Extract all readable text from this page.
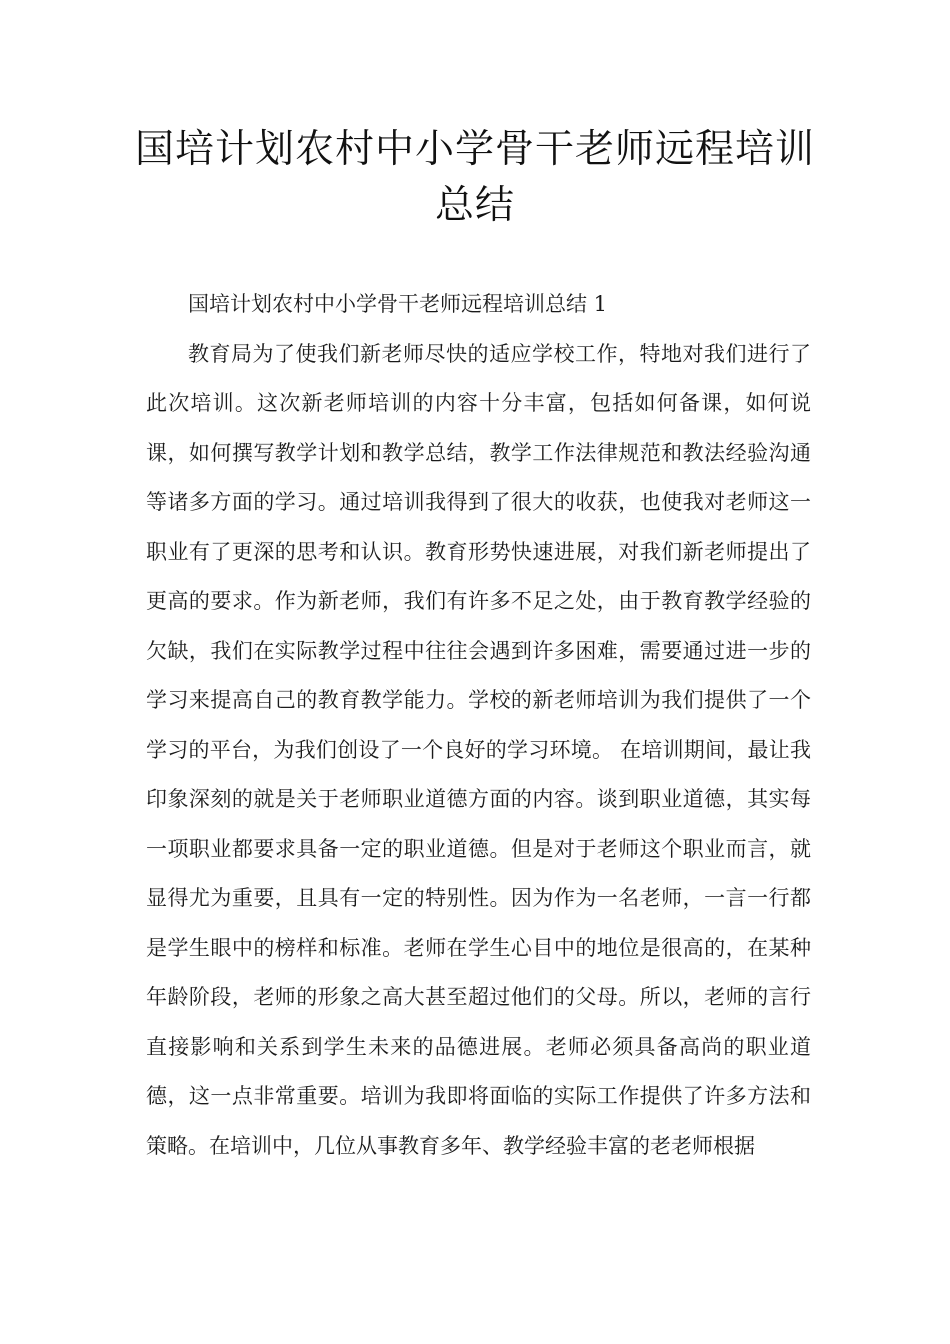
国培计划农村中小学骨干老师远程培训
总结

国培计划农村中小学骨干老师远程培训总结 1

教育局为了使我们新老师尽快的适应学校工作，特地对我们进行了此次培训。这次新老师培训的内容十分丰富，包括如何备课，如何说课，如何撰写教学计划和教学总结，教学工作法律规范和教法经验沟通等诸多方面的学习。通过培训我得到了很大的收获，也使我对老师这一职业有了更深的思考和认识。教育形势快速进展，对我们新老师提出了更高的要求。作为新老师，我们有许多不足之处，由于教育教学经验的欠缺，我们在实际教学过程中往往会遇到许多困难，需要通过进一步的学习来提高自己的教育教学能力。学校的新老师培训为我们提供了一个学习的平台，为我们创设了一个良好的学习环境。 在培训期间，最让我印象深刻的就是关于老师职业道德方面的内容。谈到职业道德，其实每一项职业都要求具备一定的职业道德。但是对于老师这个职业而言，就显得尤为重要，且具有一定的特别性。因为作为一名老师，一言一行都是学生眼中的榜样和标准。老师在学生心目中的地位是很高的，在某种年龄阶段，老师的形象之高大甚至超过他们的父母。所以，老师的言行直接影响和关系到学生未来的品德进展。老师必须具备高尚的职业道德，这一点非常重要。培训为我即将面临的实际工作提供了许多方法和策略。在培训中，几位从事教育多年、教学经验丰富的老老师根据
